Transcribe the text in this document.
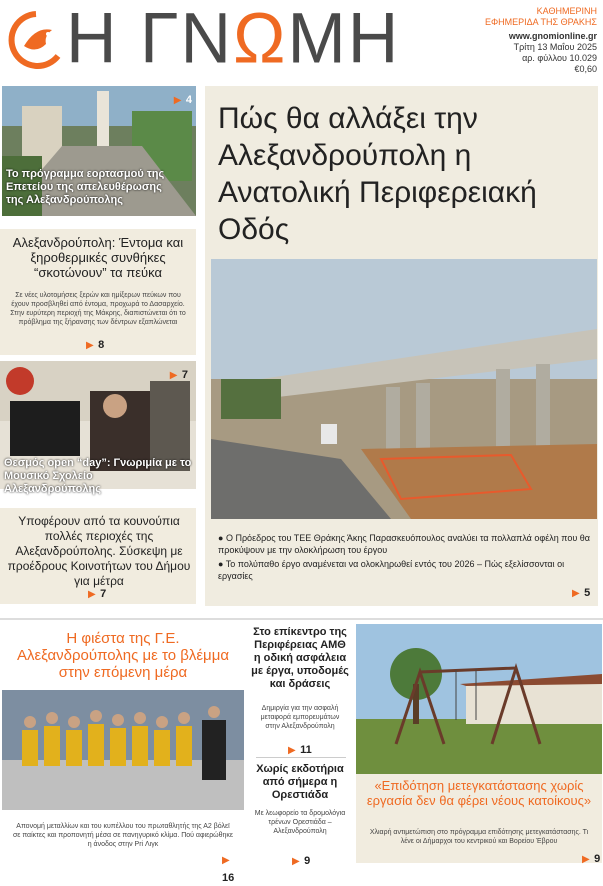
Η ΓΝΩΜΗ	ΚΑΘΗΜΕΡΙΝΗ
ΕΦΗΜΕΡΙΔΑ ΤΗΣ ΘΡΑΚΗΣ
www.gnomionline.gr
Τρίτη 13 Μαΐου 2025
αρ. φύλλου 10.029
€0,60
Το πρόγραμμα εορτασμού της Επετείου της απελευθέρωσης της Αλεξανδρούπολης
▶ 4
Αλεξανδρούπολη: Έντομα και ξηροθερμικές συνθήκες “σκοτώνουν” τα πεύκα
Σε νέες υλοτομήσεις ξερών και ημίξερων πεύκων που έχουν προσβληθεί από έντομα, προχωρά το Δασαρχείο. Στην ευρύτερη περιοχή της Μάκρης, διαπιστώνεται ότι το πρόβλημα της ξήρανσης των δέντρων εξαπλώνεται
▶ 8
Θεσμός open “day”: Γνωριμία με το Μουσικό Σχολείο Αλεξανδρούπολης
▶ 7
Υποφέρουν από τα κουνούπια πολλές περιοχές της Αλεξανδρούπολης. Σύσκεψη με προέδρους Κοινοτήτων του Δήμου για μέτρα
▶ 7
Πώς θα αλλάξει την Αλεξανδρούπολη η Ανατολική Περιφερειακή Οδός
● Ο Πρόεδρος του ΤΕΕ Θράκης Άκης Παρασκευόπουλος αναλύει τα πολλαπλά οφέλη που θα προκύψουν με την ολοκλήρωση του έργου
● Το πολύπαθο έργο αναμένεται να ολοκληρωθεί εντός του 2026 – Πώς εξελίσσονται οι εργασίες
▶ 5
Η φιέστα της Γ.Ε. Αλεξανδρούπολης με το βλέμμα στην επόμενη μέρα
Απονομή μεταλλίων και του κυπέλλου του πρωταθλητής της Α2 βόλεϊ σε παίκτες και προπονητή μέσα σε πανηγυρικό κλίμα. Πού αφιερώθηκε η άνοδος στην Pri Λιγκ
▶ 16
Στο επίκεντρο της Περιφέρειας ΑΜΘ η οδική ασφάλεια με έργα, υποδομές και δράσεις
Δημιργία για την ασφαλή μεταφορά εμπορευμάτων στην Αλεξανδρούπολη
▶ 11
Χωρίς εκδοτήρια από σήμερα η Ορεστιάδα
Με λεωφορείο τα δρομολόγια τρένων Ορεστιάδα – Αλεξανδρούπολη
▶ 9
«Επιδότηση μετεγκατάστασης χωρίς εργασία δεν θα φέρει νέους κατοίκους»
Χλιαρή αντιμετώπιση στο πρόγραμμα επιδότησης μετεγκατάστασης. Τι λένε οι Δήμαρχοι του κεντρικού και Βορείου Έβρου
▶ 9
